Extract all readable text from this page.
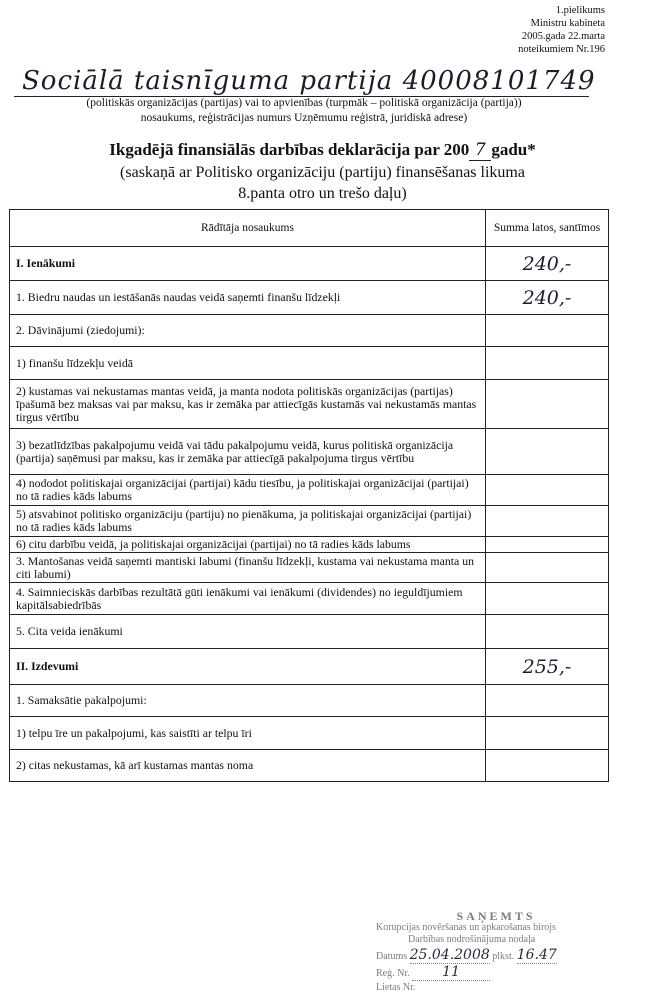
1.pielikums
Ministru kabineta
2005.gada 22.marta
noteikumiem Nr.196
Sociālā taisnīguma partija 40008101749
(politiskās organizācijas (partijas) vai to apvienības (turpmāk – politiskā organizācija (partija))
nosaukums, reģistrācijas numurs Uzņēmumu reģistrā, juridiskā adrese)
Ikgadējā finansiālās darbības deklarācija par 200 7 gadu*
(saskaņā ar Politisko organizāciju (partiju) finansēšanas likuma
8.panta otro un trešo daļu)
Rādītāja nosaukums	Summa latos, santīmos
I. Ienākumi	240,-
1. Biedru naudas un iestāšanās naudas veidā saņemti finanšu līdzekļi	240,-
2. Dāvinājumi (ziedojumi):	
1) finanšu līdzekļu veidā	
2) kustamas vai nekustamas mantas veidā, ja manta nodota politiskās organizācijas (partijas) īpašumā bez maksas vai par maksu, kas ir zemāka par attiecīgās kustamās vai nekustamās mantas tirgus vērtību	
3) bezatlīdzības pakalpojumu veidā vai tādu pakalpojumu veidā, kurus politiskā organizācija (partija) saņēmusi par maksu, kas ir zemāka par attiecīgā pakalpojuma tirgus vērtību	
4) nododot politiskajai organizācijai (partijai) kādu tiesību, ja politiskajai organizācijai (partijai) no tā radies kāds labums	
5) atsvabinot politisko organizāciju (partiju) no pienākuma, ja politiskajai organizācijai (partijai) no tā radies kāds labums	
6) citu darbību veidā, ja politiskajai organizācijai (partijai) no tā radies kāds labums	
3. Mantošanas veidā saņemti mantiski labumi (finanšu līdzekļi, kustama vai nekustama manta un citi labumi)	
4. Saimnieciskās darbības rezultātā gūti ienākumi vai ienākumi (dividendes) no ieguldījumiem kapitālsabiedrībās	
5. Cita veida ienākumi	
II. Izdevumi	255,-
1. Samaksātie pakalpojumi:	
1) telpu īre un pakalpojumi, kas saistīti ar telpu īri	
2) citas nekustamas, kā arī kustamas mantas noma	
SAŅEMTS
Korupcijas novēršanas un apkarošanas birojs
Darbības nodrošinājuma nodaļa
Datums 25.04.2008 plkst. 16.47
Reģ. Nr. 11
Lietas Nr.
